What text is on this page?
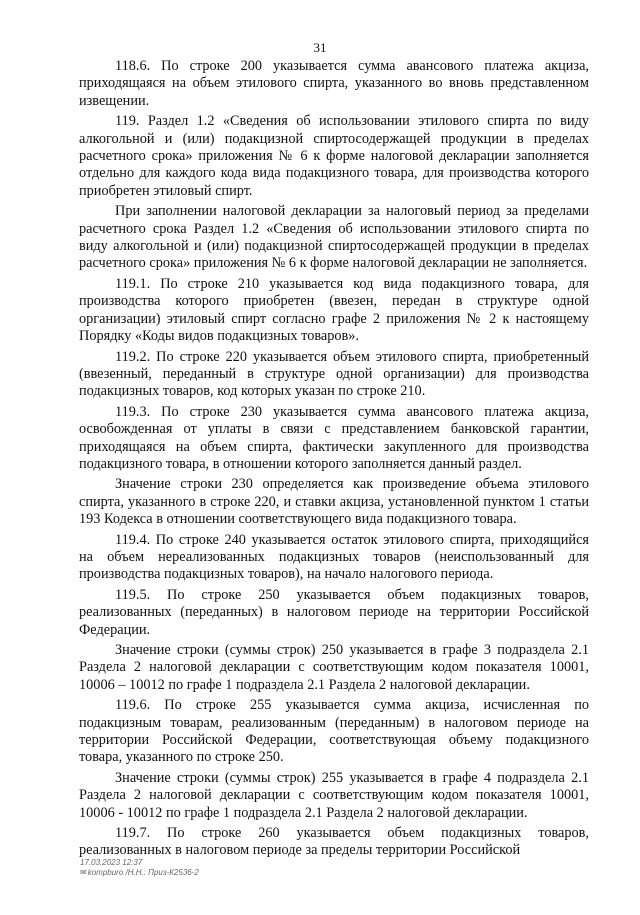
31

118.6. По строке 200 указывается сумма авансового платежа акциза, приходящаяся на объем этилового спирта, указанного во вновь представленном извещении.

119. Раздел 1.2 «Сведения об использовании этилового спирта по виду алкогольной и (или) подакцизной спиртосодержащей продукции в пределах расчетного срока» приложения № 6 к форме налоговой декларации заполняется отдельно для каждого кода вида подакцизного товара, для производства которого приобретен этиловый спирт.

При заполнении налоговой декларации за налоговый период за пределами расчетного срока Раздел 1.2 «Сведения об использовании этилового спирта по виду алкогольной и (или) подакцизной спиртосодержащей продукции в пределах расчетного срока» приложения № 6 к форме налоговой декларации не заполняется.

119.1. По строке 210 указывается код вида подакцизного товара, для производства которого приобретен (ввезен, передан в структуре одной организации) этиловый спирт согласно графе 2 приложения № 2 к настоящему Порядку «Коды видов подакцизных товаров».

119.2. По строке 220 указывается объем этилового спирта, приобретенный (ввезенный, переданный в структуре одной организации) для производства подакцизных товаров, код которых указан по строке 210.

119.3. По строке 230 указывается сумма авансового платежа акциза, освобожденная от уплаты в связи с представлением банковской гарантии, приходящаяся на объем спирта, фактически закупленного для производства подакцизного товара, в отношении которого заполняется данный раздел.

Значение строки 230 определяется как произведение объема этилового спирта, указанного в строке 220, и ставки акциза, установленной пунктом 1 статьи 193 Кодекса в отношении соответствующего вида подакцизного товара.

119.4. По строке 240 указывается остаток этилового спирта, приходящийся на объем нереализованных подакцизных товаров (неиспользованный для производства подакцизных товаров), на начало налогового периода.

119.5. По строке 250 указывается объем подакцизных товаров, реализованных (переданных) в налоговом периоде на территории Российской Федерации.

Значение строки (суммы строк) 250 указывается в графе 3 подраздела 2.1 Раздела 2 налоговой декларации с соответствующим кодом показателя 10001, 10006 – 10012 по графе 1 подраздела 2.1 Раздела 2 налоговой декларации.

119.6. По строке 255 указывается сумма акциза, исчисленная по подакцизным товарам, реализованным (переданным) в налоговом периоде на территории Российской Федерации, соответствующая объему подакцизного товара, указанного по строке 250.

Значение строки (суммы строк) 255 указывается в графе 4 подраздела 2.1 Раздела 2 налоговой декларации с соответствующим кодом показателя 10001, 10006 - 10012 по графе 1 подраздела 2.1 Раздела 2 налоговой декларации.

119.7. По строке 260 указывается объем подакцизных товаров, реализованных в налоговом периоде за пределы территории Российской

17.03.2023 12:37
✉kompburo /Н.Н.: Приз-К2536-2
